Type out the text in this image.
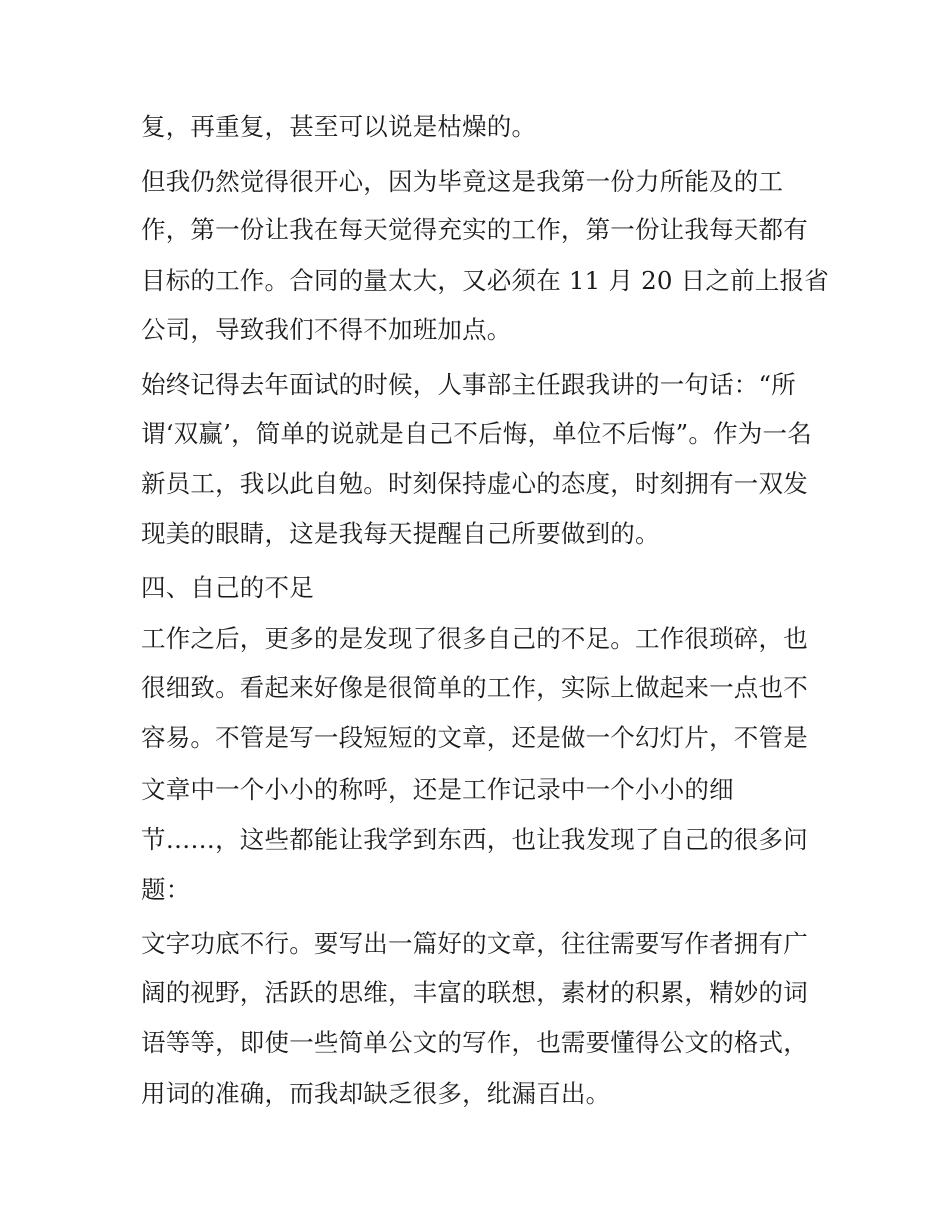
复，再重复，甚至可以说是枯燥的。
但我仍然觉得很开心，因为毕竟这是我第一份力所能及的工
作，第一份让我在每天觉得充实的工作，第一份让我每天都有
目标的工作。合同的量太大，又必须在 11 月 20 日之前上报省
公司，导致我们不得不加班加点。
始终记得去年面试的时候，人事部主任跟我讲的一句话：“所
谓‘双赢’，简单的说就是自己不后悔，单位不后悔”。作为一名
新员工，我以此自勉。时刻保持虚心的态度，时刻拥有一双发
现美的眼睛，这是我每天提醒自己所要做到的。
四、自己的不足
工作之后，更多的是发现了很多自己的不足。工作很琐碎，也
很细致。看起来好像是很简单的工作，实际上做起来一点也不
容易。不管是写一段短短的文章，还是做一个幻灯片，不管是
文章中一个小小的称呼，还是工作记录中一个小小的细
节……，这些都能让我学到东西，也让我发现了自己的很多问
题：
文字功底不行。要写出一篇好的文章，往往需要写作者拥有广
阔的视野，活跃的思维，丰富的联想，素材的积累，精妙的词
语等等，即使一些简单公文的写作，也需要懂得公文的格式，
用词的准确，而我却缺乏很多，纰漏百出。
